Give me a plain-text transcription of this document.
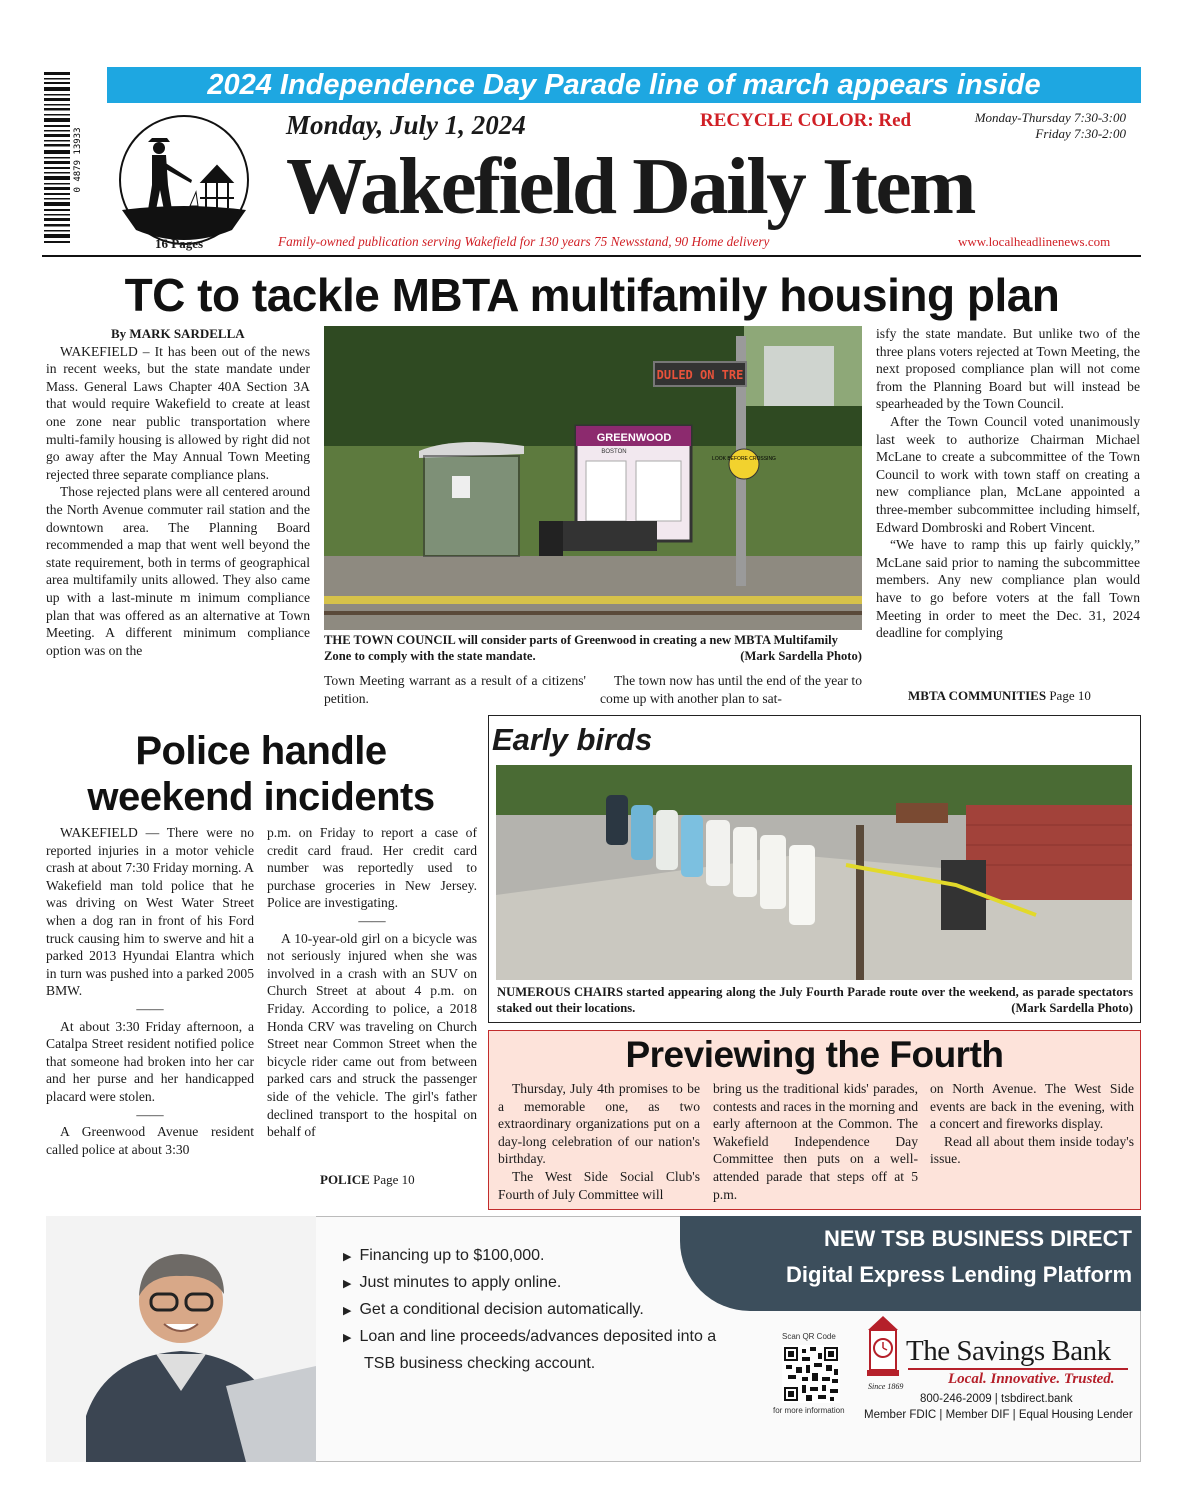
0 4879 13933
2024 Independence Day Parade line of march appears inside
16 Pages
Monday, July 1, 2024	RECYCLE COLOR: Red	Monday-Thursday 7:30-3:00
Friday 7:30-2:00
Wakefield Daily Item
Family-owned publication serving Wakefield for 130 years 75 Newsstand, 90 Home delivery	www.localheadlinenews.com
TC to tackle MBTA multifamily housing plan

By MARK SARDELLA

WAKEFIELD – It has been out of the news in recent weeks, but the state mandate under Mass. General Laws Chapter 40A Section 3A that would require Wakefield to create at least one zone near public transportation where multi-family housing is allowed by right did not go away after the May Annual Town Meeting rejected three separate compliance plans.

Those rejected plans were all centered around the North Avenue commuter rail station and the downtown area. The Planning Board recommended a map that went well beyond the state requirement, both in terms of geographical area multifamily units allowed. They also came up with a last-minute m inimum compliance plan that was offered as an alternative at Town Meeting. A different minimum compliance option was on the

GREENWOOD
BOSTON
DULED ON TRE
LOOK BEFORE CROSSING
THE TOWN COUNCIL will consider parts of Greenwood in creating a new MBTA Multifamily Zone to comply with the state mandate.	(Mark Sardella Photo)

Town Meeting warrant as a result of a citizens' petition.

The town now has until the end of the year to come up with another plan to sat-

isfy the state mandate. But unlike two of the three plans voters rejected at Town Meeting, the next proposed compliance plan will not come from the Planning Board but will instead be spearheaded by the Town Council.

After the Town Council voted unanimously last week to authorize Chairman Michael McLane to create a subcommittee of the Town Council to work with town staff on creating a new compliance plan, McLane appointed a three-member subcommittee including himself, Edward Dombroski and Robert Vincent.

“We have to ramp this up fairly quickly,” McLane said prior to naming the subcommittee members. Any new compliance plan would have to go before voters at the fall Town Meeting in order to meet the Dec. 31, 2024 deadline for complying

MBTA COMMUNITIES Page 10
Police handle
weekend incidents

WAKEFIELD — There were no reported injuries in a motor vehicle crash at about 7:30 Friday morning. A Wakefield man told police that he was driving on West Water Street when a dog ran in front of his Ford truck causing him to swerve and hit a parked 2013 Hyundai Elantra which in turn was pushed into a parked 2005 BMW.

——

At about 3:30 Friday afternoon, a Catalpa Street resident notified police that someone had broken into her car and her purse and her handicapped placard were stolen.

——

A Greenwood Avenue resident called police at about 3:30

p.m. on Friday to report a case of credit card fraud. Her credit card number was reportedly used to purchase groceries in New Jersey. Police are investigating.

——

A 10-year-old girl on a bicycle was not seriously injured when she was involved in a crash with an SUV on Church Street at about 4 p.m. on Friday. According to police, a 2018 Honda CRV was traveling on Church Street near Common Street when the bicycle rider came out from between parked cars and struck the passenger side of the vehicle. The girl's father declined transport to the hospital on behalf of

POLICE Page 10
Early birds
NUMEROUS CHAIRS started appearing along the July Fourth Parade route over the weekend, as parade spectators staked out their locations.	(Mark Sardella Photo)
Previewing the Fourth

Thursday, July 4th promises to be a memorable one, as two extraordinary organizations put on a day-long celebration of our nation's birthday.

The West Side Social Club's Fourth of July Committee will

bring us the traditional kids' parades, contests and races in the morning and early afternoon at the Common. The Wakefield Independence Day Committee then puts on a well-attended parade that steps off at 5 p.m.

on North Avenue. The West Side events are back in the evening, with a concert and fireworks display.

Read all about them inside today's issue.

▶ Financing up to $100,000.
▶ Just minutes to apply online.
▶ Get a conditional decision automatically.
▶ Loan and line proceeds/advances deposited into a
TSB business checking account.
NEW TSB BUSINESS DIRECT
Digital Express Lending Platform
Scan QR Code
for more information
Since 1869
The Savings Bank
Local. Innovative. Trusted.
800-246-2009 | tsbdirect.bank
Member FDIC | Member DIF | Equal Housing Lender
